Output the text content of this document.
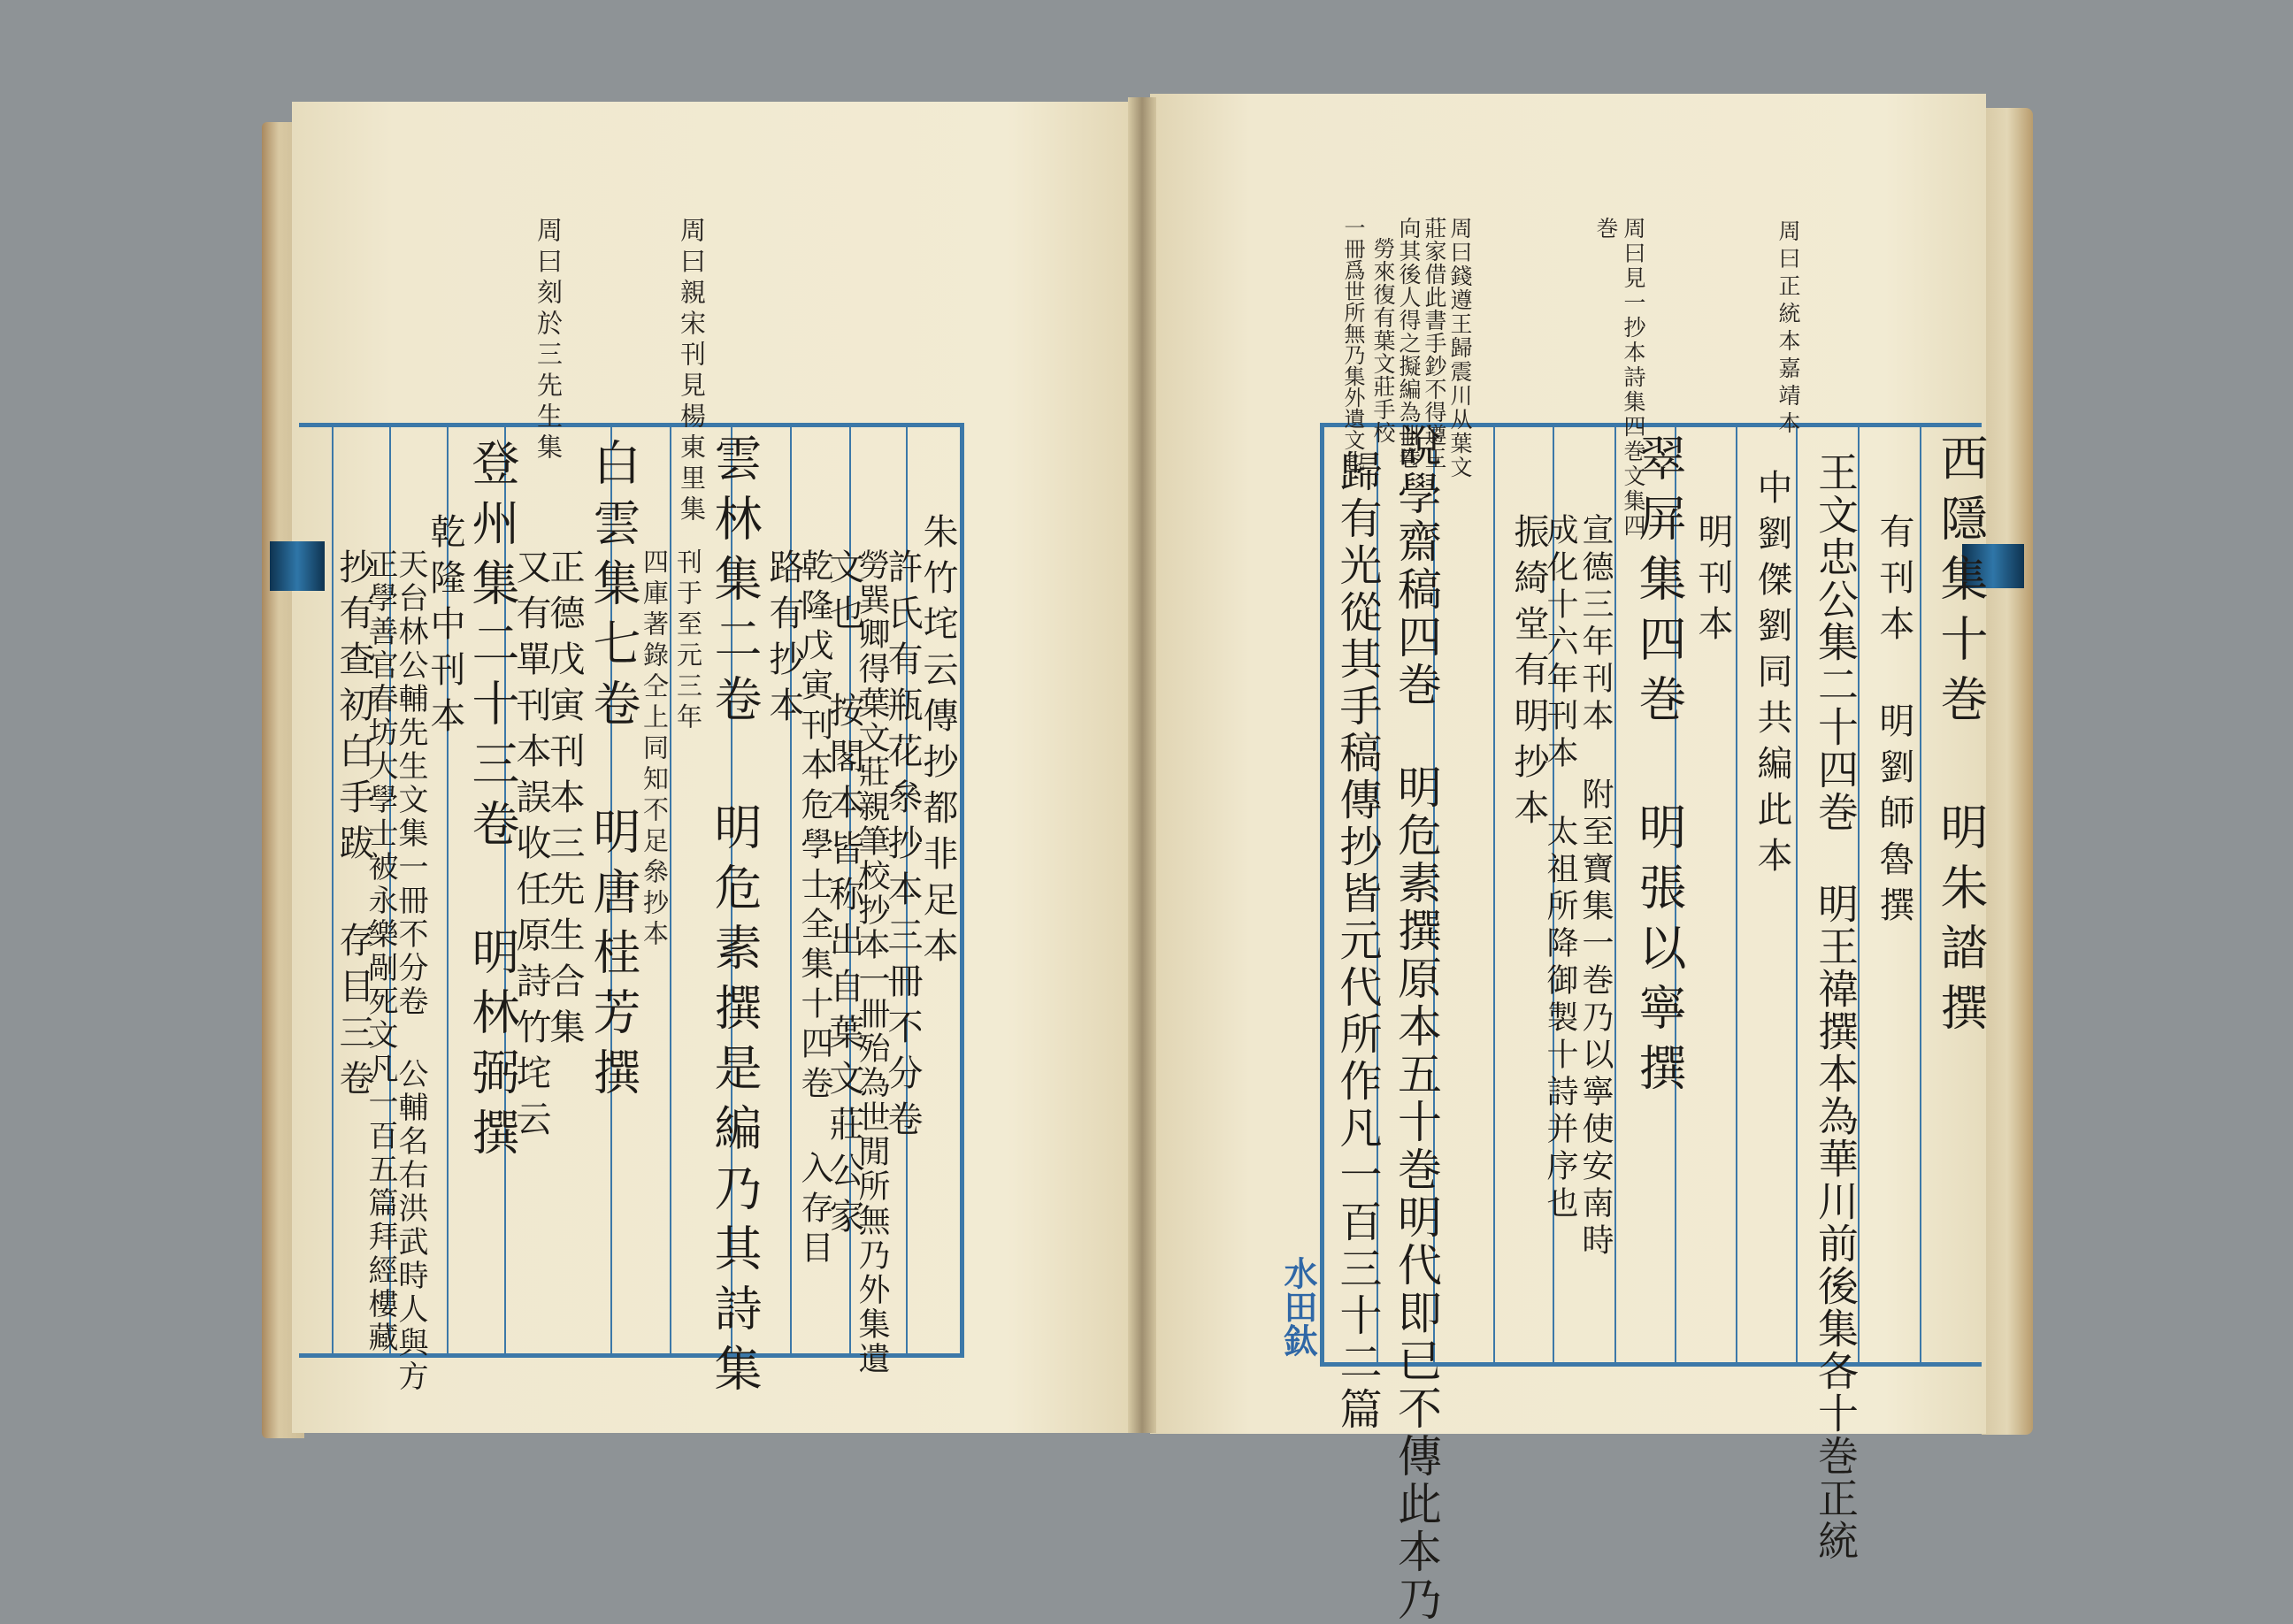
周曰親宋刊見楊東里集
周曰刻於三先生集
朱竹垞云傳抄都非足本
許氏有瓶花㕘抄本三冊不分卷
勞巽卿得葉文莊親筆校抄本一卌殆為世閒所無乃外集遺
文也 按閣本皆称出自葉文莊公家
乾隆戊寅刊本危學士全集十四卷 入存目
路有抄本
雲林集二卷 明危素撰是編乃其詩集
刊于至元三年
四庫著錄仝上同知不足㕘抄本
白雲集七卷 明唐桂芳撰
正德戊寅刊本三先生合集
又有單刊本誤收任原詩竹垞云
登州集二十三卷 明林弼撰
乾隆中刊本
天台林公輔先生文集一冊不分卷 公輔名右洪武時人與方
正學善官春坊大學士被永樂剮死文凡一百五篇拜經樓藏
抄有查初白手跋 存目三卷
周曰正統本嘉靖本
周曰見一抄本詩集四巻文集四
巻
周曰錢遵王歸震川从葉文
莊家借此書手鈔不得遵王
向其後人得之擬編為卌巻
勞來復有葉文莊手校
一冊爲世所無乃集外遺文也
西隱集十巻 明朱誻撰
有刊本 明劉師魯撰
王文忠公集二十四巻 明王禕撰本為華川前後集各十巻正統
中劉傑劉同共編此本
明刊本
翠屏集四巻 明張以寧撰
宣德三年刊本 附至寶集一巻乃以寧使安南時
成化十六年刊本 太祖所降御製十詩并序也
振綺堂有明抄本
說學齋稿四巻 明危素撰原本五十巻明代即已不傳此本乃
歸有光從其手稿傳抄皆元代所作凡一百三十二篇
水田鈦
